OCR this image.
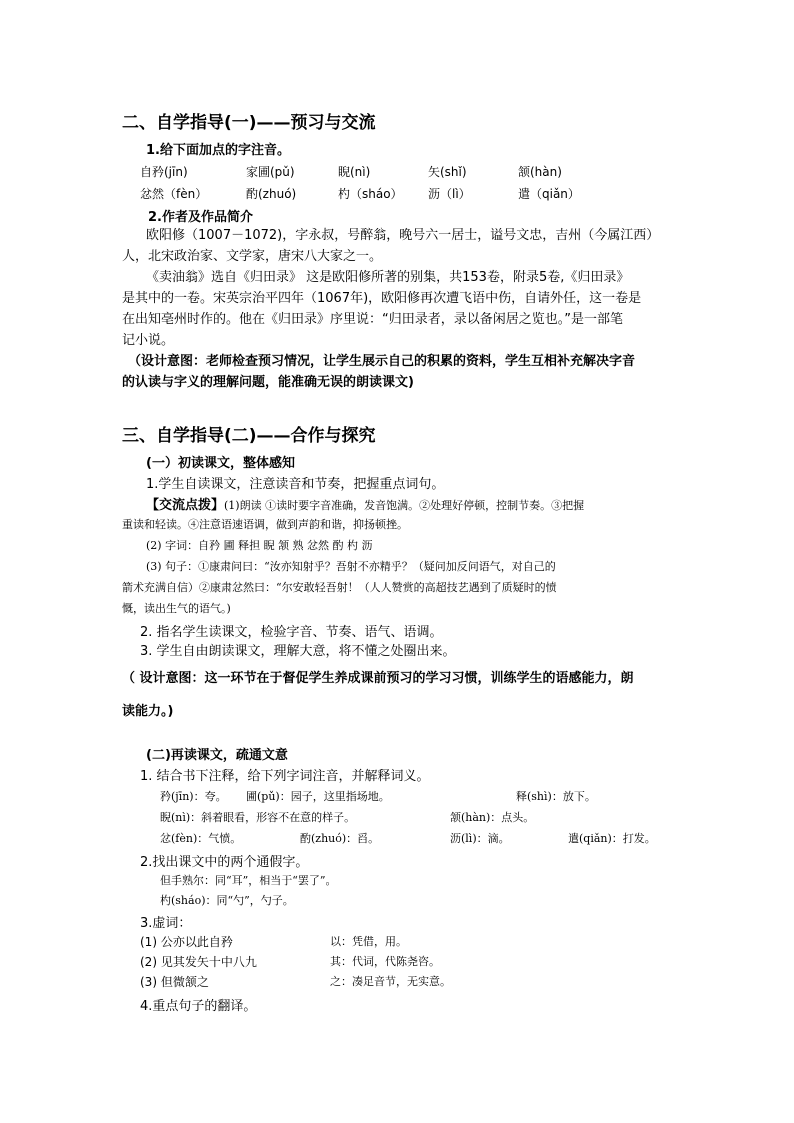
二、自学指导(一)——预习与交流
1.给下面加点的字注音。
自矜(jīn)	家圃(pǔ)	睨(nì)	矢(shǐ)	颔(hàn)
忿然（fèn）	酌(zhuó)	杓（sháo） 沥（lì）	遣（qiǎn）
2.作者及作品简介
欧阳修（1007－1072)，字永叔，号醉翁，晚号六一居士，谥号文忠，吉州（今属江西）
人，北宋政治家、文学家，唐宋八大家之一。
《卖油翁》选自《归田录》 这是欧阳修所著的别集，共153卷，附录5卷,《归田录》
是其中的一卷。宋英宗治平四年（1067年)，欧阳修再次遭飞语中伤，自请外任，这一卷是
在出知亳州时作的。他在《归田录》序里说：“归田录者，录以备闲居之览也。”是一部笔
记小说。
（设计意图：老师检查预习情况，让学生展示自己的积累的资料，学生互相补充解决字音
的认读与字义的理解问题，能准确无误的朗读课文)
三、自学指导(二)——合作与探究
(一）初读课文，整体感知
1.学生自读课文，注意读音和节奏，把握重点词句。
【交流点拨】(1)朗读 ①读时要字音准确，发音饱满。②处理好停顿，控制节奏。③把握
重读和轻读。④注意语速语调，做到声韵和谐，抑扬顿挫。
(2) 字词：自矜 圃 释担 睨 颔 熟 忿然 酌 杓 沥
(3) 句子：①康肃问曰：“汝亦知射乎？吾射不亦精乎？（疑问加反问语气，对自己的
箭术充满自信）②康肃忿然曰：“尔安敢轻吾射！（人人赞赏的高超技艺遇到了质疑时的愤
慨，读出生气的语气。)
2. 指名学生读课文，检验字音、节奏、语气、语调。
3. 学生自由朗读课文，理解大意，将不懂之处圈出来。
（ 设计意图：这一环节在于督促学生养成课前预习的学习习惯，训练学生的语感能力，朗
读能力。)
(二)再读课文，疏通文意
1. 结合书下注释，给下列字词注音，并解释词义。
矜(jīn)：夸。 圃(pǔ)：园子，这里指场地。	释(shì)：放下。
睨(nì)：斜着眼看，形容不在意的样子。	颔(hàn)：点头。
忿(fèn)：气愤。	酌(zhuó)：舀。	沥(lì)：滴。	遣(qiǎn)：打发。
2.找出课文中的两个通假字。
但手熟尔：同“耳”，相当于“罢了”。
杓(sháo)：同“勺”，勺子。
3.虚词：
(1) 公亦以此自矜	以：凭借，用。
(2) 见其发矢十中八九	其：代词，代陈尧咨。
(3) 但微颔之	之：凑足音节，无实意。
4.重点句子的翻译。
